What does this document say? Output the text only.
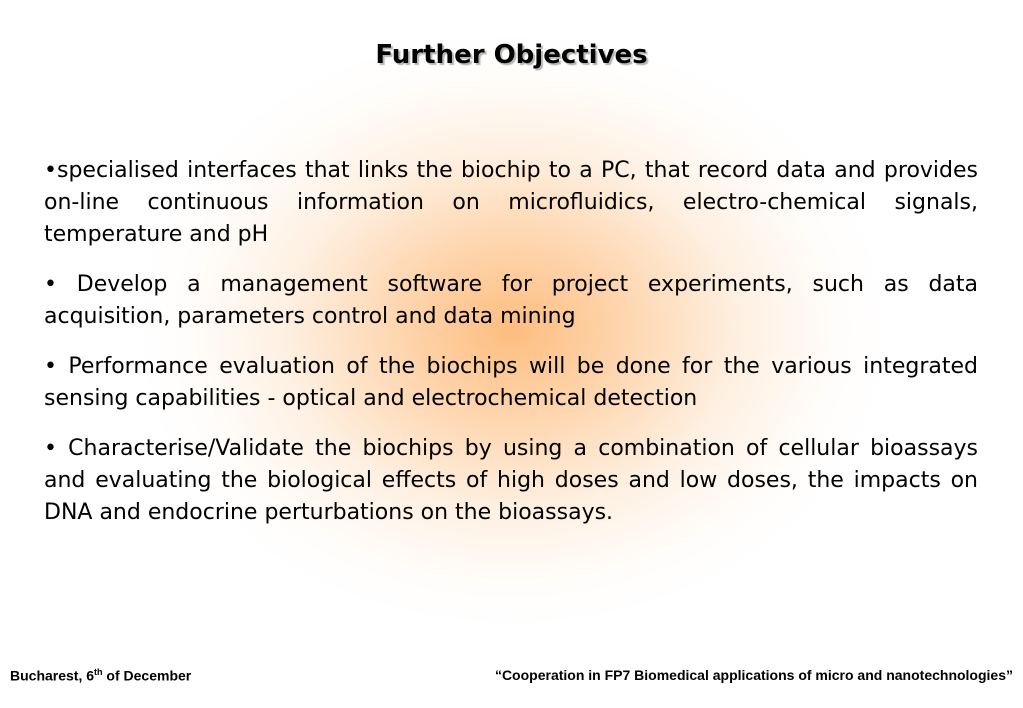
Further Objectives

•specialised interfaces that links the biochip to a PC, that record data and provides on-line continuous information on microfluidics, electro-chemical signals, temperature and pH

• Develop a management software for project experiments, such as data acquisition, parameters control and data mining

• Performance evaluation of the biochips will be done for the various integrated sensing capabilities - optical and electrochemical detection

• Characterise/Validate the biochips by using a combination of cellular bioassays and evaluating the biological effects of high doses and low doses, the impacts on DNA and endocrine perturbations on the bioassays.

Bucharest, 6th of December	“Cooperation in FP7 Biomedical applications of micro and nanotechnologies”
